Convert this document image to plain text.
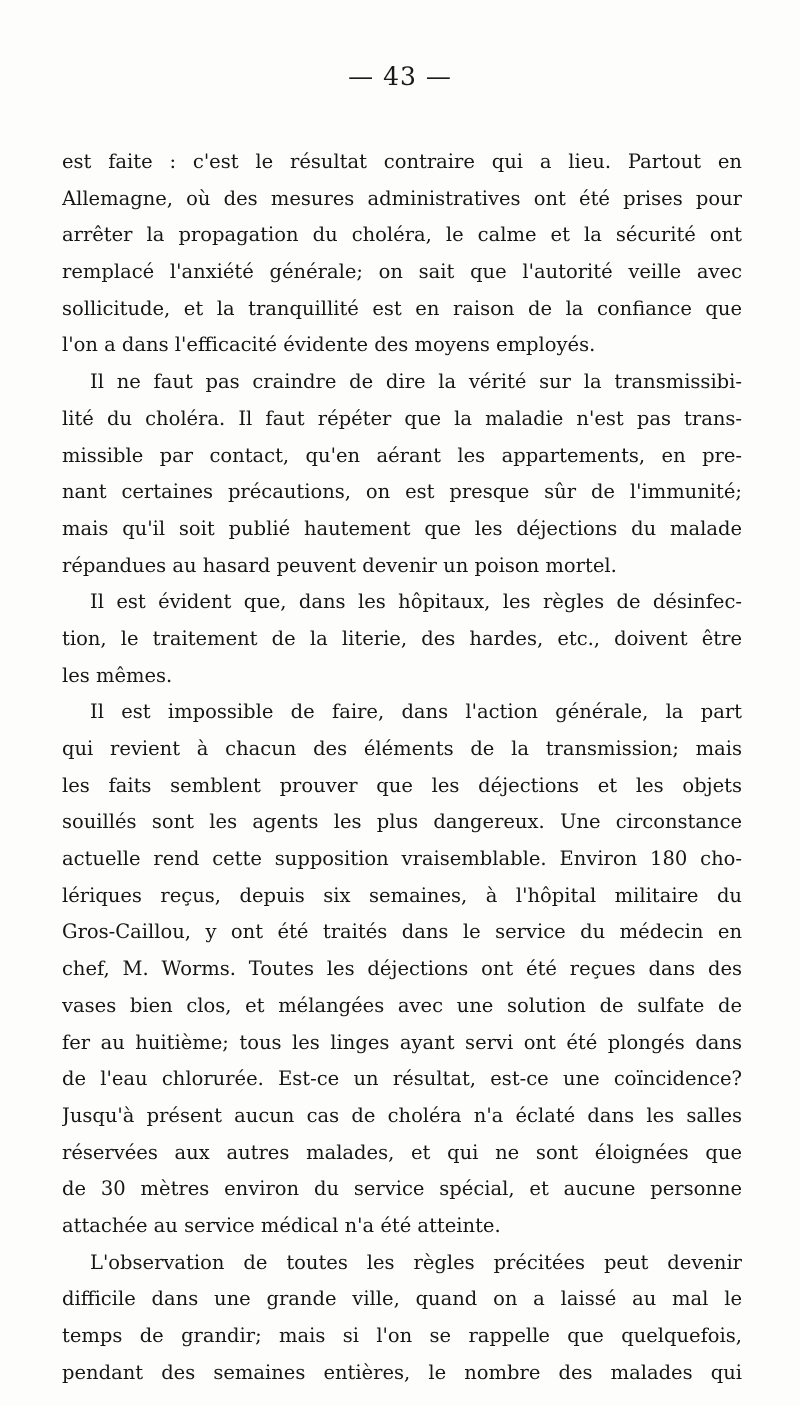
— 43 —
est faite : c'est le résultat contraire qui a lieu. Partout en
Allemagne, où des mesures administratives ont été prises pour
arrêter la propagation du choléra, le calme et la sécurité ont
remplacé l'anxiété générale; on sait que l'autorité veille avec
sollicitude, et la tranquillité est en raison de la confiance que
l'on a dans l'efficacité évidente des moyens employés.
Il ne faut pas craindre de dire la vérité sur la transmissibi-
lité du choléra. Il faut répéter que la maladie n'est pas trans-
missible par contact, qu'en aérant les appartements, en pre-
nant certaines précautions, on est presque sûr de l'immunité;
mais qu'il soit publié hautement que les déjections du malade
répandues au hasard peuvent devenir un poison mortel.
Il est évident que, dans les hôpitaux, les règles de désinfec-
tion, le traitement de la literie, des hardes, etc., doivent être
les mêmes.
Il est impossible de faire, dans l'action générale, la part
qui revient à chacun des éléments de la transmission; mais
les faits semblent prouver que les déjections et les objets
souillés sont les agents les plus dangereux. Une circonstance
actuelle rend cette supposition vraisemblable. Environ 180 cho-
lériques reçus, depuis six semaines, à l'hôpital militaire du
Gros-Caillou, y ont été traités dans le service du médecin en
chef, M. Worms. Toutes les déjections ont été reçues dans des
vases bien clos, et mélangées avec une solution de sulfate de
fer au huitième; tous les linges ayant servi ont été plongés dans
de l'eau chlorurée. Est-ce un résultat, est-ce une coïncidence?
Jusqu'à présent aucun cas de choléra n'a éclaté dans les salles
réservées aux autres malades, et qui ne sont éloignées que
de 30 mètres environ du service spécial, et aucune personne
attachée au service médical n'a été atteinte.
L'observation de toutes les règles précitées peut devenir
difficile dans une grande ville, quand on a laissé au mal le
temps de grandir; mais si l'on se rappelle que quelquefois,
pendant des semaines entières, le nombre des malades qui
